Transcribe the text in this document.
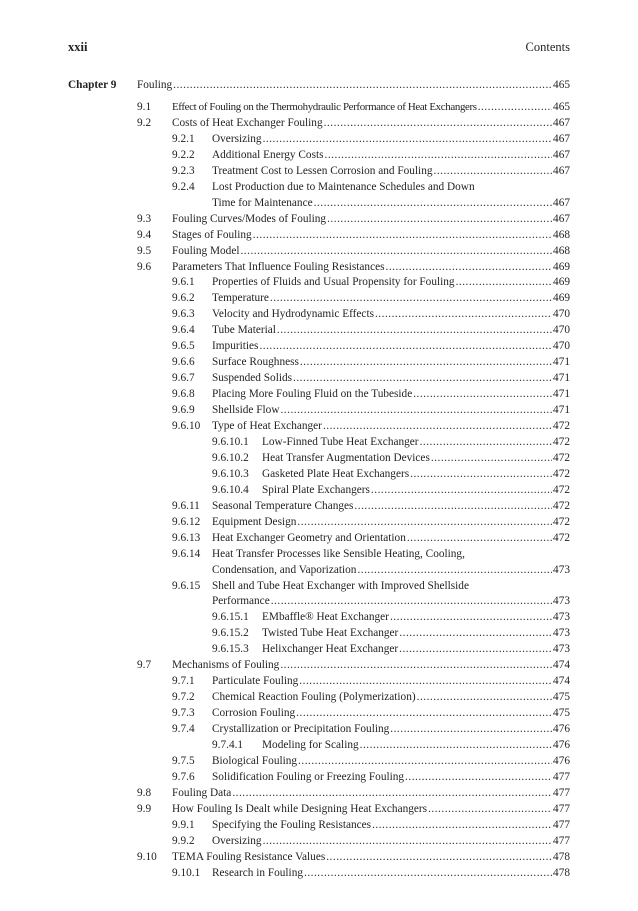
xxii	Contents
Chapter 9 Fouling .....	465
9.1 Effect of Fouling on the Thermohydraulic Performance of Heat Exchangers .....	465
9.2 Costs of Heat Exchanger Fouling .....	467
9.2.1 Oversizing .....	467
9.2.2 Additional Energy Costs .....	467
9.2.3 Treatment Cost to Lessen Corrosion and Fouling .....	467
9.2.4 Lost Production due to Maintenance Schedules and Down
Time for Maintenance .....	467
9.3 Fouling Curves/Modes of Fouling .....	467
9.4 Stages of Fouling .....	468
9.5 Fouling Model .....	468
9.6 Parameters That Influence Fouling Resistances .....	469
9.6.1 Properties of Fluids and Usual Propensity for Fouling .....	469
9.6.2 Temperature .....	469
9.6.3 Velocity and Hydrodynamic Effects .....	470
9.6.4 Tube Material .....	470
9.6.5 Impurities .....	470
9.6.6 Surface Roughness .....	471
9.6.7 Suspended Solids .....	471
9.6.8 Placing More Fouling Fluid on the Tubeside .....	471
9.6.9 Shellside Flow .....	471
9.6.10 Type of Heat Exchanger .....	472
9.6.10.1 Low-Finned Tube Heat Exchanger .....	472
9.6.10.2 Heat Transfer Augmentation Devices .....	472
9.6.10.3 Gasketed Plate Heat Exchangers .....	472
9.6.10.4 Spiral Plate Exchangers .....	472
9.6.11 Seasonal Temperature Changes .....	472
9.6.12 Equipment Design .....	472
9.6.13 Heat Exchanger Geometry and Orientation .....	472
9.6.14 Heat Transfer Processes like Sensible Heating, Cooling,
Condensation, and Vaporization .....	473
9.6.15 Shell and Tube Heat Exchanger with Improved Shellside
Performance .....	473
9.6.15.1 EMbaffle® Heat Exchanger .....	473
9.6.15.2 Twisted Tube Heat Exchanger .....	473
9.6.15.3 Helixchanger Heat Exchanger .....	473
9.7 Mechanisms of Fouling .....	474
9.7.1 Particulate Fouling .....	474
9.7.2 Chemical Reaction Fouling (Polymerization) .....	475
9.7.3 Corrosion Fouling .....	475
9.7.4 Crystallization or Precipitation Fouling .....	476
9.7.4.1 Modeling for Scaling .....	476
9.7.5 Biological Fouling .....	476
9.7.6 Solidification Fouling or Freezing Fouling .....	477
9.8 Fouling Data .....	477
9.9 How Fouling Is Dealt while Designing Heat Exchangers .....	477
9.9.1 Specifying the Fouling Resistances .....	477
9.9.2 Oversizing .....	477
9.10 TEMA Fouling Resistance Values .....	478
9.10.1 Research in Fouling .....	478
